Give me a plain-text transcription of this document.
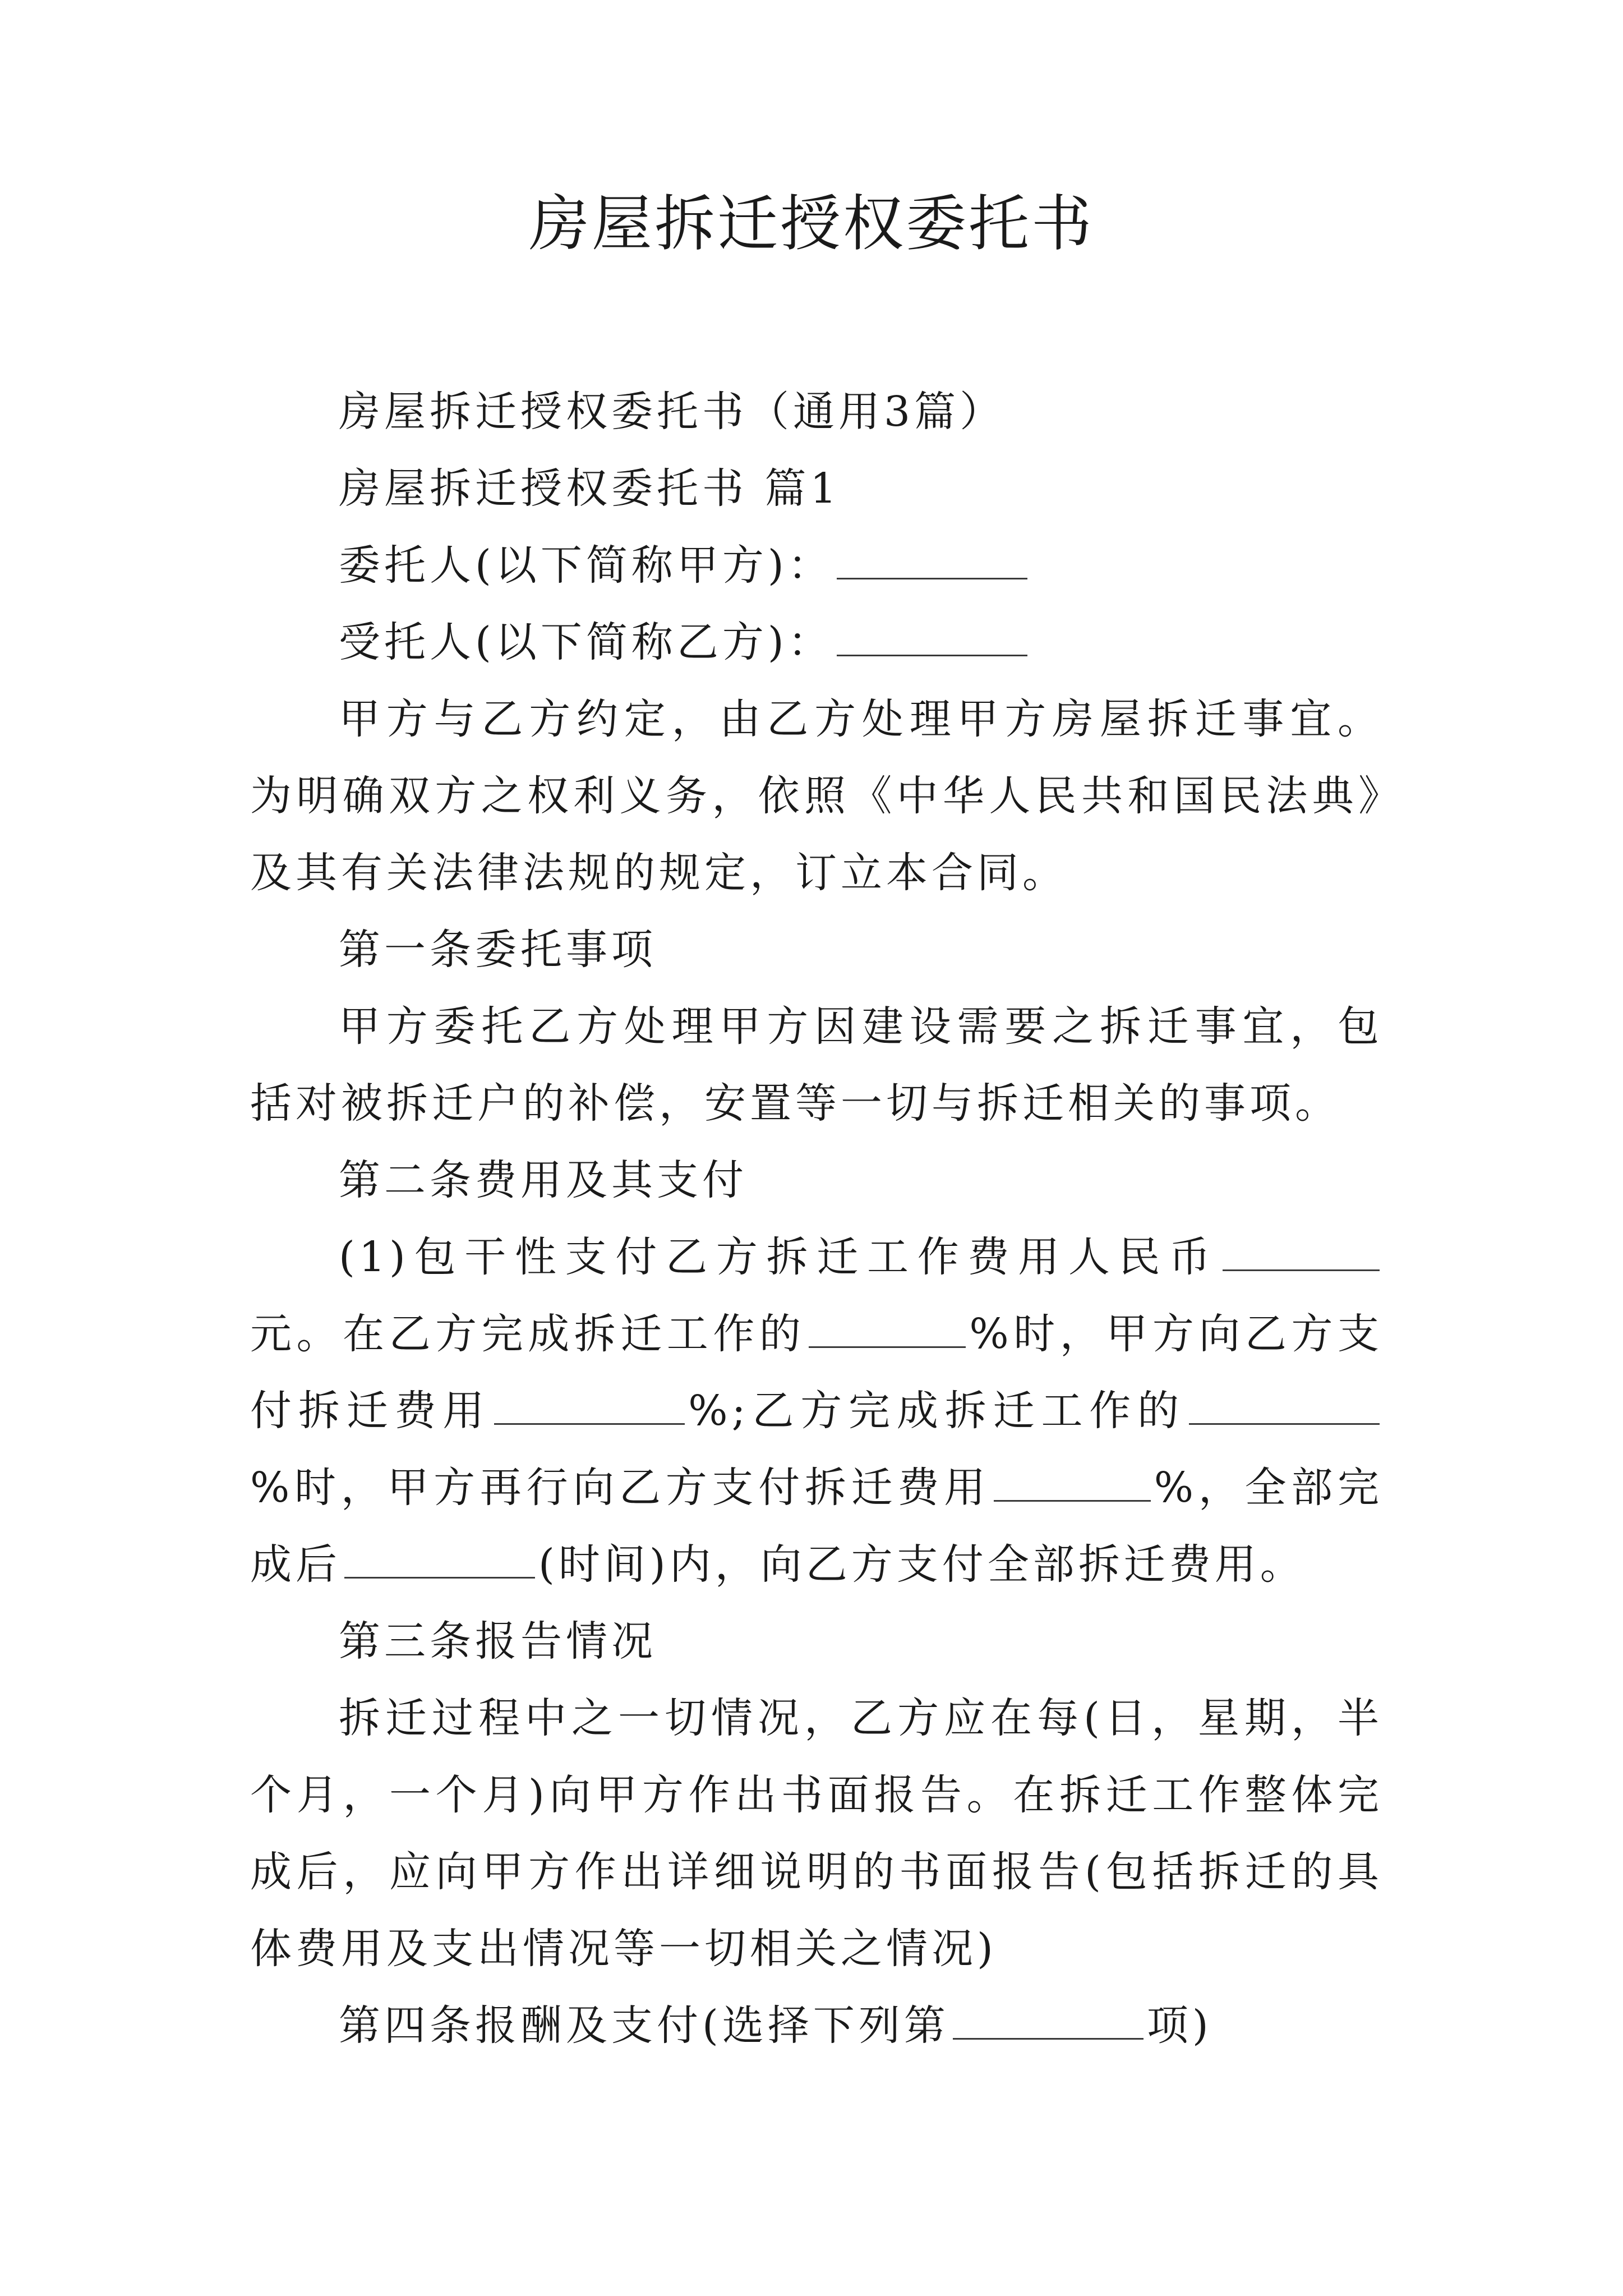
房屋拆迁授权委托书

房屋拆迁授权委托书（通用3篇）

房屋拆迁授权委托书 篇1

委托人(以下简称甲方)：

受托人(以下简称乙方)：

甲方与乙方约定，由乙方处理甲方房屋拆迁事宜。为明确双方之权利义务，依照《中华人民共和国民法典》及其有关法律法规的规定，订立本合同。

第一条委托事项

甲方委托乙方处理甲方因建设需要之拆迁事宜，包括对被拆迁户的补偿，安置等一切与拆迁相关的事项。

第二条费用及其支付

(1)包干性支付乙方拆迁工作费用人民币元。在乙方完成拆迁工作的	%时，甲方向乙方支付拆迁费用	%;乙方完成拆迁工作的%时，甲方再行向乙方支付拆迁费用	%，全部完成后	(时间)内，向乙方支付全部拆迁费用。

第三条报告情况

拆迁过程中之一切情况，乙方应在每(日，星期，半个月，一个月)向甲方作出书面报告。在拆迁工作整体完成后，应向甲方作出详细说明的书面报告(包括拆迁的具体费用及支出情况等一切相关之情况)

第四条报酬及支付(选择下列第	项)
